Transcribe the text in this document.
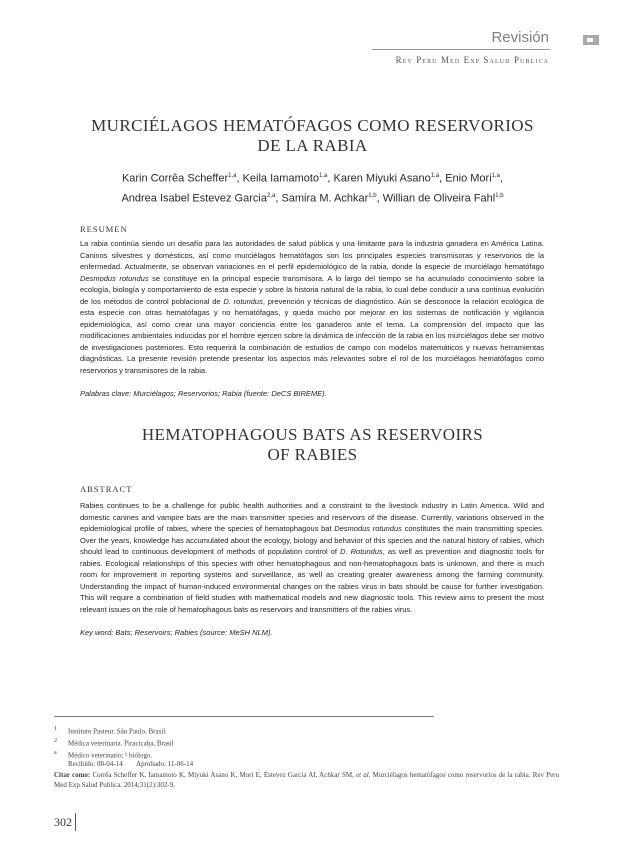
Revisión
Rev Peru Med Exp Salud Publica
MURCIÉLAGOS HEMATÓFAGOS COMO RESERVORIOS
DE LA RABIA
Karin Corrêa Scheffer$^{1,a}$, Keila Iamamoto$^{1,a}$, Karen Miyuki Asano$^{1,a}$, Enio Mori$^{1,a}$,
Andrea Isabel Estevez Garcia$^{2,a}$, Samira M. Achkar$^{1,b}$, Willian de Oliveira Fahl$^{1,b}$
RESUMEN
La rabia continúa siendo un desafío para las autoridades de salud pública y una limitante para la industria ganadera en América Latina. Caninos silvestres y domésticos, así como murciélagos hematófagos son los principales especies transmisoras y reservorios de la enfermedad. Actualmente, se observan variaciones en el perfil epidemiológico de la rabia, donde la especie de murciélago hematófago Desmodus rotundus se constituye en la principal especie transmisora. A lo largo del tiempo se ha acumulado conocimiento sobre la ecología, biología y comportamiento de esta especie y sobre la historia natural de la rabia, lo cual debe conducir a una continua evolución de los métodos de control poblacional de D. rotundus, prevención y técnicas de diagnóstico. Aún se desconoce la relación ecológica de esta especie con otras hematófagas y no hematófagas, y queda mucho por mejorar en los sistemas de notificación y vigilancia epidemiológica, así como crear una mayor conciencia entre los ganaderos ante el tema. La comprensión del impacto que las modificaciones ambientales inducidas por el hombre ejercen sobre la dinámica de infección de la rabia en los murciélagos debe ser motivo de investigaciones posteriores. Esto requerirá la combinación de estudios de campo con modelos matemáticos y nuevas herramientas diagnósticas. La presente revisión pretende presentar los aspectos más relevantes sobre el rol de los murciélagos hematófagos como reservorios y transmisores de la rabia.
Palabras clave: Murciélagos; Reservorios; Rabia (fuente: DeCS BIREME).
HEMATOPHAGOUS BATS AS RESERVOIRS
OF RABIES
ABSTRACT
Rabies continues to be a challenge for public health authorities and a constraint to the livestock industry in Latin America. Wild and domestic canines and vampire bats are the main transmitter species and reservoirs of the disease. Currently, variations observed in the epidemiological profile of rabies, where the species of hematophagous bat Desmodus rotundus constitutes the main transmitting species. Over the years, knowledge has accumulated about the ecology, biology and behavior of this species and the natural history of rabies, which should lead to continuous development of methods of population control of D. Rotundus, as well as prevention and diagnostic tools for rabies. Ecological relationships of this species with other hematophagous and non-hematophagous bats is unknown, and there is much room for improvement in reporting systems and surveillance, as well as creating greater awareness among the farming community. Understanding the impact of human-induced environmental changes on the rabies virus in bats should be cause for further investigation. This will require a combination of field studies with mathematical models and new diagnostic tools. This review aims to present the most relevant issues on the role of hematophagous bats as reservoirs and transmitters of the rabies virus.
Key word: Bats; Reservoirs; Rabies (source: MeSH NLM).
$^1$ Instituto Pasteur. São Paulo, Brasil.
$^2$ Médica veterinaria. Piracicaba, Brasil
$^a$ Médico veterinario; ᵇ biólogo.
Recibido: 08-04-14 Aprobado: 11-06-14
Citar como: Corrêa Scheffer K, Iamamoto K, Miyuki Asano K, Mori E, Estevez Garcia AI, Achkar SM, et al. Murciélagos hematófagos como reservorios de la rabia. Rev Peru Med Exp Salud Publica. 2014;31(2):302-9.
302
